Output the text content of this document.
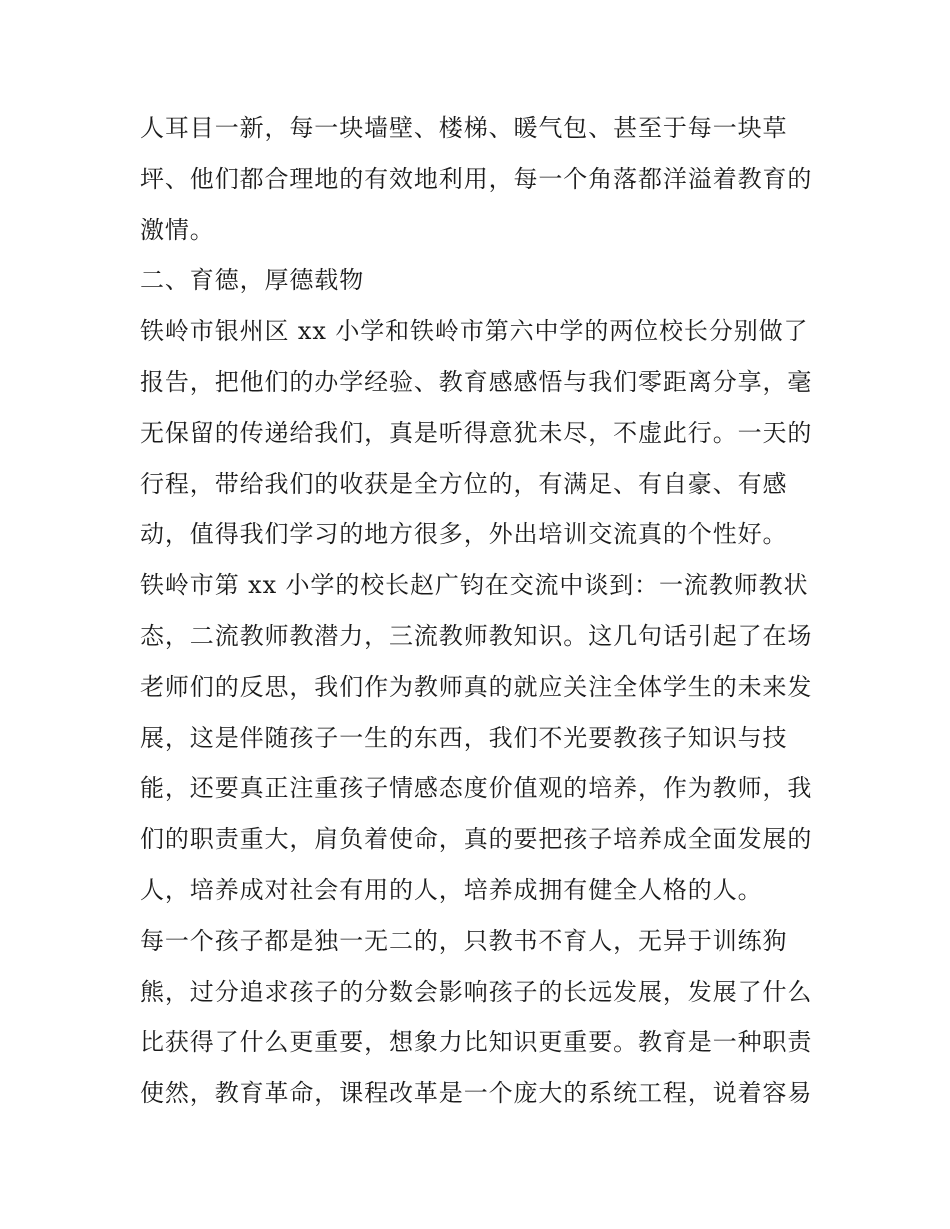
人耳目一新，每一块墙壁、楼梯、暖气包、甚至于每一块草
坪、他们都合理地的有效地利用，每一个角落都洋溢着教育的
激情。
二、育德，厚德载物
铁岭市银州区 xx 小学和铁岭市第六中学的两位校长分别做了
报告，把他们的办学经验、教育感感悟与我们零距离分享，毫
无保留的传递给我们，真是听得意犹未尽，不虚此行。一天的
行程，带给我们的收获是全方位的，有满足、有自豪、有感
动，值得我们学习的地方很多，外出培训交流真的个性好。
铁岭市第 xx 小学的校长赵广钧在交流中谈到：一流教师教状
态，二流教师教潜力，三流教师教知识。这几句话引起了在场
老师们的反思，我们作为教师真的就应关注全体学生的未来发
展，这是伴随孩子一生的东西，我们不光要教孩子知识与技
能，还要真正注重孩子情感态度价值观的培养，作为教师，我
们的职责重大，肩负着使命，真的要把孩子培养成全面发展的
人，培养成对社会有用的人，培养成拥有健全人格的人。
每一个孩子都是独一无二的，只教书不育人，无异于训练狗
熊，过分追求孩子的分数会影响孩子的长远发展，发展了什么
比获得了什么更重要，想象力比知识更重要。教育是一种职责
使然，教育革命，课程改革是一个庞大的系统工程，说着容易
